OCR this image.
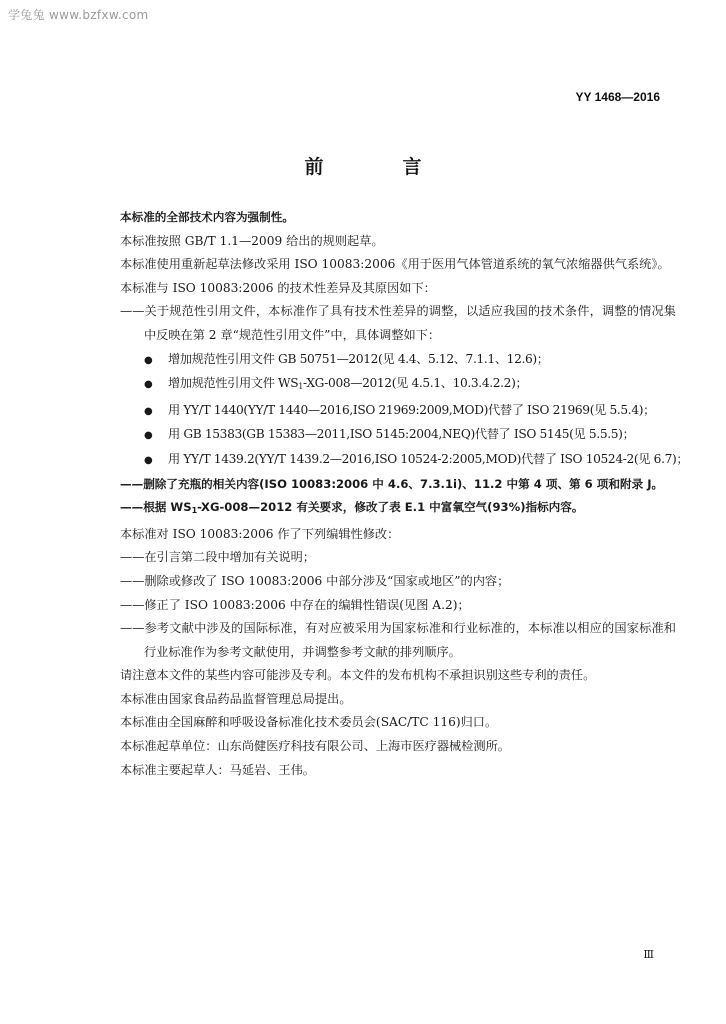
学兔兔 www.bzfxw.com
YY 1468—2016
前　言

本标准的全部技术内容为强制性。

本标准按照 GB/T 1.1—2009 给出的规则起草。

本标准使用重新起草法修改采用 ISO 10083:2006《用于医用气体管道系统的氧气浓缩器供气系统》。

本标准与 ISO 10083:2006 的技术性差异及其原因如下：

——关于规范性引用文件，本标准作了具有技术性差异的调整，以适应我国的技术条件，调整的情况集中反映在第 2 章“规范性引用文件”中，具体调整如下：

● 增加规范性引用文件 GB 50751—2012(见 4.4、5.12、7.1.1、12.6)；

● 增加规范性引用文件 $WS_1-XG-008—2012$(见 4.5.1、10.3.4.2.2)；

● 用 YY/T 1440(YY/T 1440—2016,ISO 21969:2009,MOD)代替了 ISO 21969(见 5.5.4)；

● 用 GB 15383(GB 15383—2011,ISO 5145:2004,NEQ)代替了 ISO 5145(见 5.5.5)；

● 用 YY/T 1439.2(YY/T 1439.2—2016,ISO 10524-2:2005,MOD)代替了 ISO 10524-2(见 6.7)；

——删除了充瓶的相关内容(ISO 10083:2006 中 4.6、7.3.1i)、11.2 中第 4 项、第 6 项和附录 J。

——根据 $WS_1-XG-008—2012$ 有关要求，修改了表 E.1 中富氧空气(93%)指标内容。

本标准对 ISO 10083:2006 作了下列编辑性修改：

——在引言第二段中增加有关说明；

——删除或修改了 ISO 10083:2006 中部分涉及“国家或地区”的内容；

——修正了 ISO 10083:2006 中存在的编辑性错误(见图 A.2)；

——参考文献中涉及的国际标准，有对应被采用为国家标准和行业标准的，本标准以相应的国家标准和行业标准作为参考文献使用，并调整参考文献的排列顺序。

请注意本文件的某些内容可能涉及专利。本文件的发布机构不承担识别这些专利的责任。

本标准由国家食品药品监督管理总局提出。

本标准由全国麻醉和呼吸设备标准化技术委员会(SAC/TC 116)归口。

本标准起草单位：山东尚健医疗科技有限公司、上海市医疗器械检测所。

本标准主要起草人：马延岩、王伟。

Ⅲ
